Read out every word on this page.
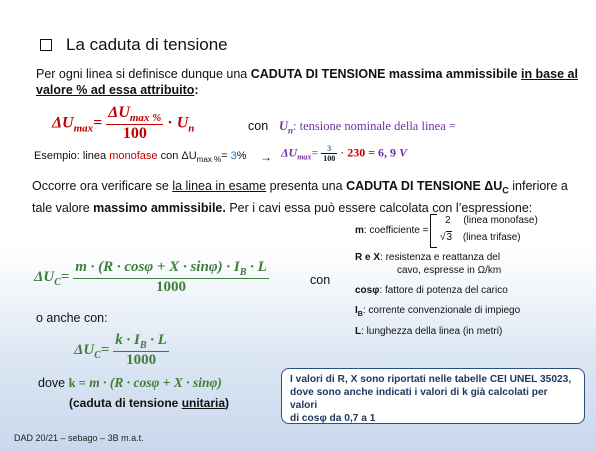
La caduta di tensione
Per ogni linea si definisce dunque una CADUTA DI TENSIONE massima ammissibile in base al
valore % ad essa attribuito:
$\Delta U_{max}= \frac{\Delta U_{max \%}}{100} \cdot U_n$	con $U_n$: tensione nominale della linea =
Esempio: linea monofase con $\Delta U_{max \%}= 3\% \to \Delta U_{max}= \frac{3}{100} \cdot 230 = 6$, 9 V
Occorre ora verificare se la linea in esame presenta una CADUTA DI TENSIONE $\Delta U_C$ inferiore a
tale valore massimo ammissibile. Per i cavi essa può essere calcolata con l’espressione:
$\Delta U_C= \frac{m \cdot (R \cdot \cos\varphi + X \cdot \sin\varphi) \cdot I_B \cdot L}{1000}$	con
m: coefficiente =
2 (linea monofase)
√3 (linea trifase)
R e X: resistenza e reattanza del
cavo, espresse in Ω/km
cosφ: fattore di potenza del carico
$I_B$: corrente convenzionale di impiego
L: lunghezza della linea (in metri)
o anche con:
$\Delta U_C= \frac{k \cdot I_B \cdot L}{1000}$
dove k = m · (R · cosφ + X · sinφ)
(caduta di tensione unitaria)
I valori di R, X sono riportati nelle tabelle CEI UNEL 35023,
dove sono anche indicati i valori di k già calcolati per valori
di cosφ da 0,7 a 1
DAD 20/21 – sebago – 3B m.a.t.
